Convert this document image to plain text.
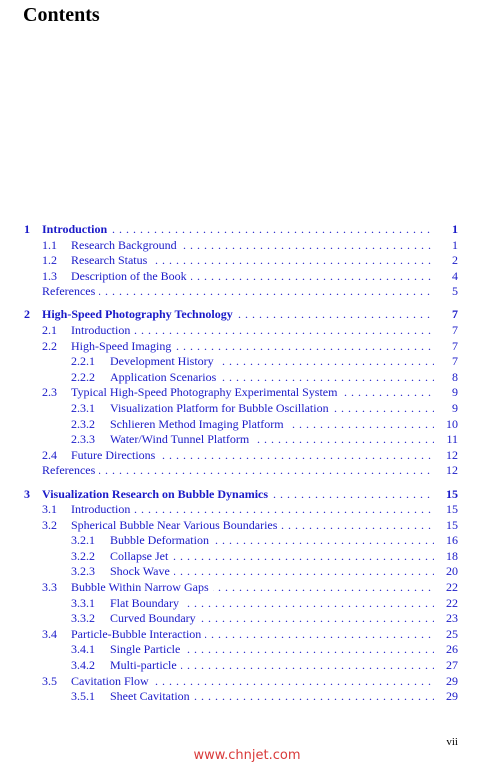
Contents
1 Introduction . . .	1
1.1 Research Background . . .	1
1.2 Research Status . . .	2
1.3 Description of the Book . . .	4
References . . .	5
2 High-Speed Photography Technology . . .	7
2.1 Introduction . . .	7
2.2 High-Speed Imaging . . .	7
2.2.1 Development History . . .	7
2.2.2 Application Scenarios . . .	8
2.3 Typical High-Speed Photography Experimental System . . .	9
2.3.1 Visualization Platform for Bubble Oscillation . . .	9
2.3.2 Schlieren Method Imaging Platform . . .	10
2.3.3 Water/Wind Tunnel Platform . . .	11
2.4 Future Directions . . .	12
References . . .	12
3 Visualization Research on Bubble Dynamics . . .	15
3.1 Introduction . . .	15
3.2 Spherical Bubble Near Various Boundaries . . .	15
3.2.1 Bubble Deformation . . .	16
3.2.2 Collapse Jet . . .	18
3.2.3 Shock Wave . . .	20
3.3 Bubble Within Narrow Gaps . . .	22
3.3.1 Flat Boundary . . .	22
3.3.2 Curved Boundary . . .	23
3.4 Particle-Bubble Interaction . . .	25
3.4.1 Single Particle . . .	26
3.4.2 Multi-particle . . .	27
3.5 Cavitation Flow . . .	29
3.5.1 Sheet Cavitation . . .	29
vii
www.chnjet.com
